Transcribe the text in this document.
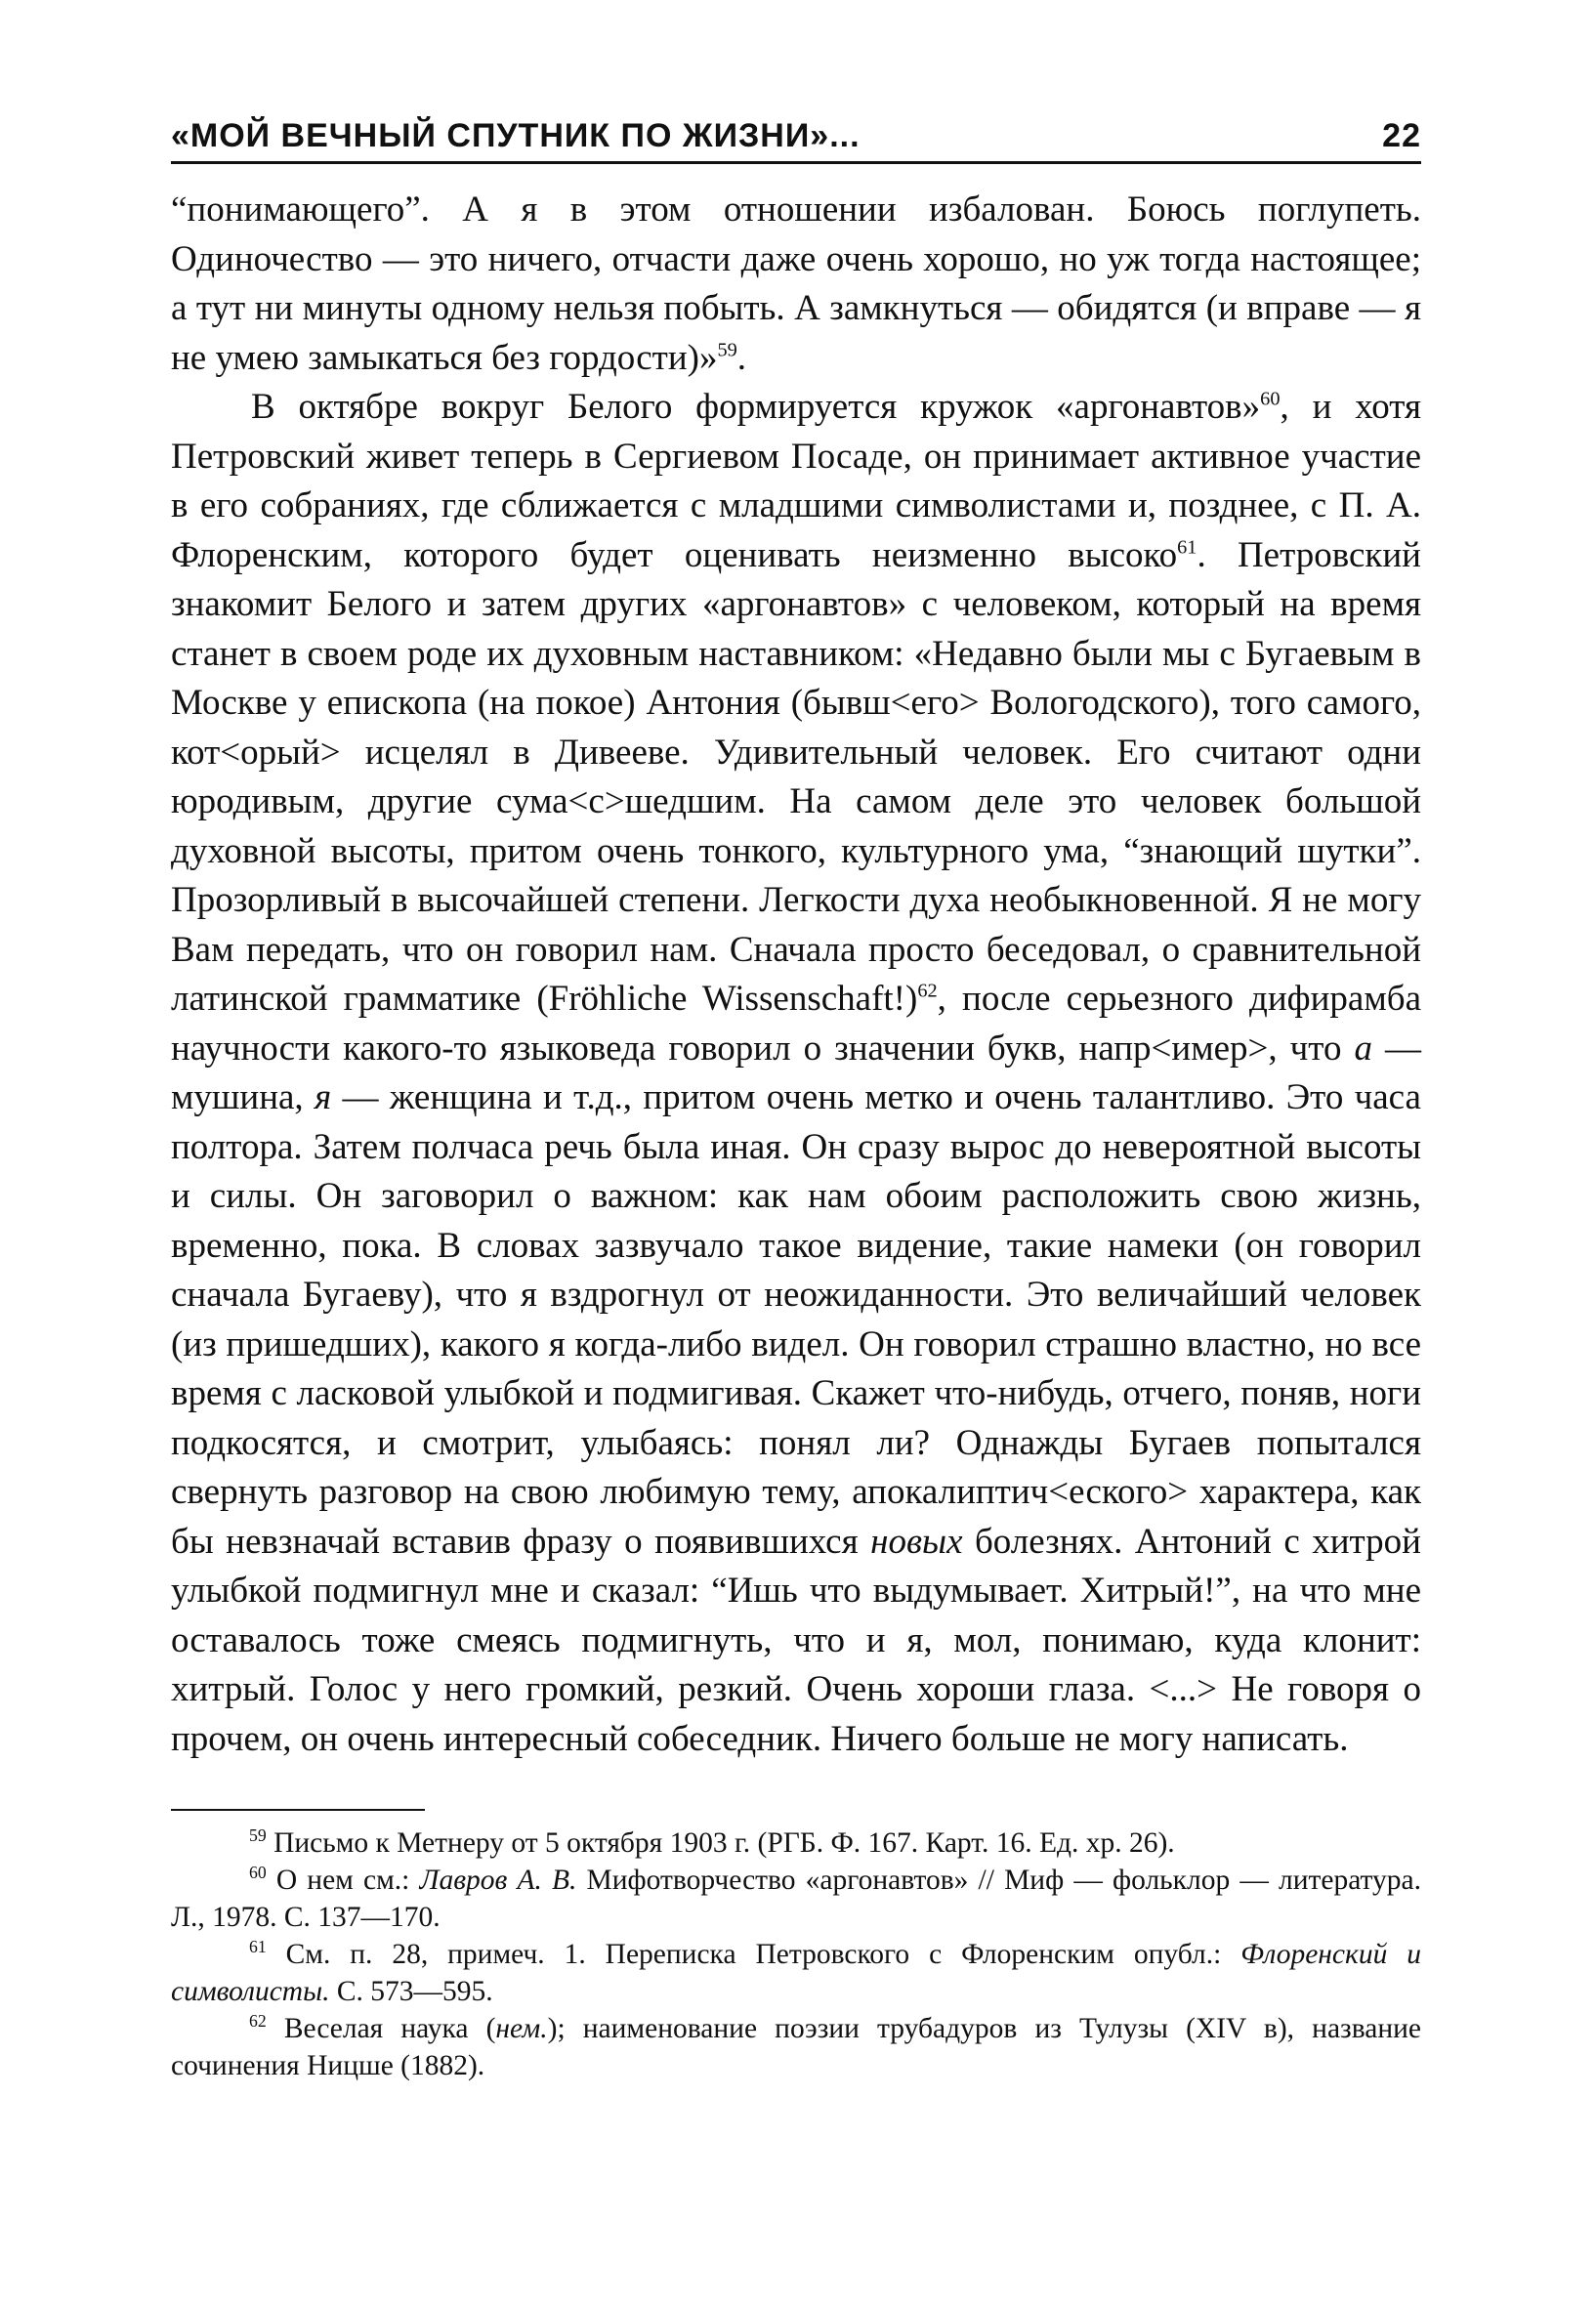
«МОЙ ВЕЧНЫЙ СПУТНИК ПО ЖИЗНИ»...	22

“понимающего”. А я в этом отношении избалован. Боюсь поглупеть. Одиночество — это ничего, отчасти даже очень хорошо, но уж тогда настоящее; а тут ни минуты одному нельзя побыть. А замкнуться — обидятся (и вправе — я не умею замыкаться без гордости)»$^{59}$.

В октябре вокруг Белого формируется кружок «аргонавтов»$^{60}$, и хотя Петровский живет теперь в Сергиевом Посаде, он принимает активное участие в его собраниях, где сближается с младшими символистами и, позднее, с П. А. Флоренским, которого будет оценивать неизменно высоко$^{61}$. Петровский знакомит Белого и затем других «аргонавтов» с человеком, который на время станет в своем роде их духовным наставником: «Недавно были мы с Бугаевым в Москве у епископа (на покое) Антония (бывш<его> Вологодского), того самого, кот<орый> исцелял в Дивееве. Удивительный человек. Его считают одни юродивым, другие сума<с>шедшим. На самом деле это человек большой духовной высоты, притом очень тонкого, культурного ума, “знающий шутки”. Прозорливый в высочайшей степени. Легкости духа необыкновенной. Я не могу Вам передать, что он говорил нам. Сначала просто беседовал, о сравнительной латинской грамматике (Fröhliche Wissenschaft!)$^{62}$, после серьезного дифирамба научности какого-то языковеда говорил о значении букв, напр<имер>, что а — мушина, я — женщина и т.д., притом очень метко и очень талантливо. Это часа полтора. Затем полчаса речь была иная. Он сразу вырос до невероятной высоты и силы. Он заговорил о важном: как нам обоим расположить свою жизнь, временно, пока. В словах зазвучало такое видение, такие намеки (он говорил сначала Бугаеву), что я вздрогнул от неожиданности. Это величайший человек (из пришедших), какого я когда-либо видел. Он говорил страшно властно, но все время с ласковой улыбкой и подмигивая. Скажет что-нибудь, отчего, поняв, ноги подкосятся, и смотрит, улыбаясь: понял ли? Однажды Бугаев попытался свернуть разговор на свою любимую тему, апокалиптич<еского> характера, как бы невзначай вставив фразу о появившихся новых болезнях. Антоний с хитрой улыбкой подмигнул мне и сказал: “Ишь что выдумывает. Хитрый!”, на что мне оставалось тоже смеясь подмигнуть, что и я, мол, понимаю, куда клонит: хитрый. Голос у него громкий, резкий. Очень хороши глаза. <...> Не говоря о прочем, он очень интересный собеседник. Ничего больше не могу написать.

$^{59}$ Письмо к Метнеру от 5 октября 1903 г. (РГБ. Ф. 167. Карт. 16. Ед. хр. 26).

$^{60}$ О нем см.: Лавров А. В. Мифотворчество «аргонавтов» // Миф — фольклор — литература. Л., 1978. С. 137—170.

$^{61}$ См. п. 28, примеч. 1. Переписка Петровского с Флоренским опубл.: Флоренский и символисты. С. 573—595.

$^{62}$ Веселая наука (нем.); наименование поэзии трубадуров из Тулузы (XIV в), название сочинения Ницше (1882).
